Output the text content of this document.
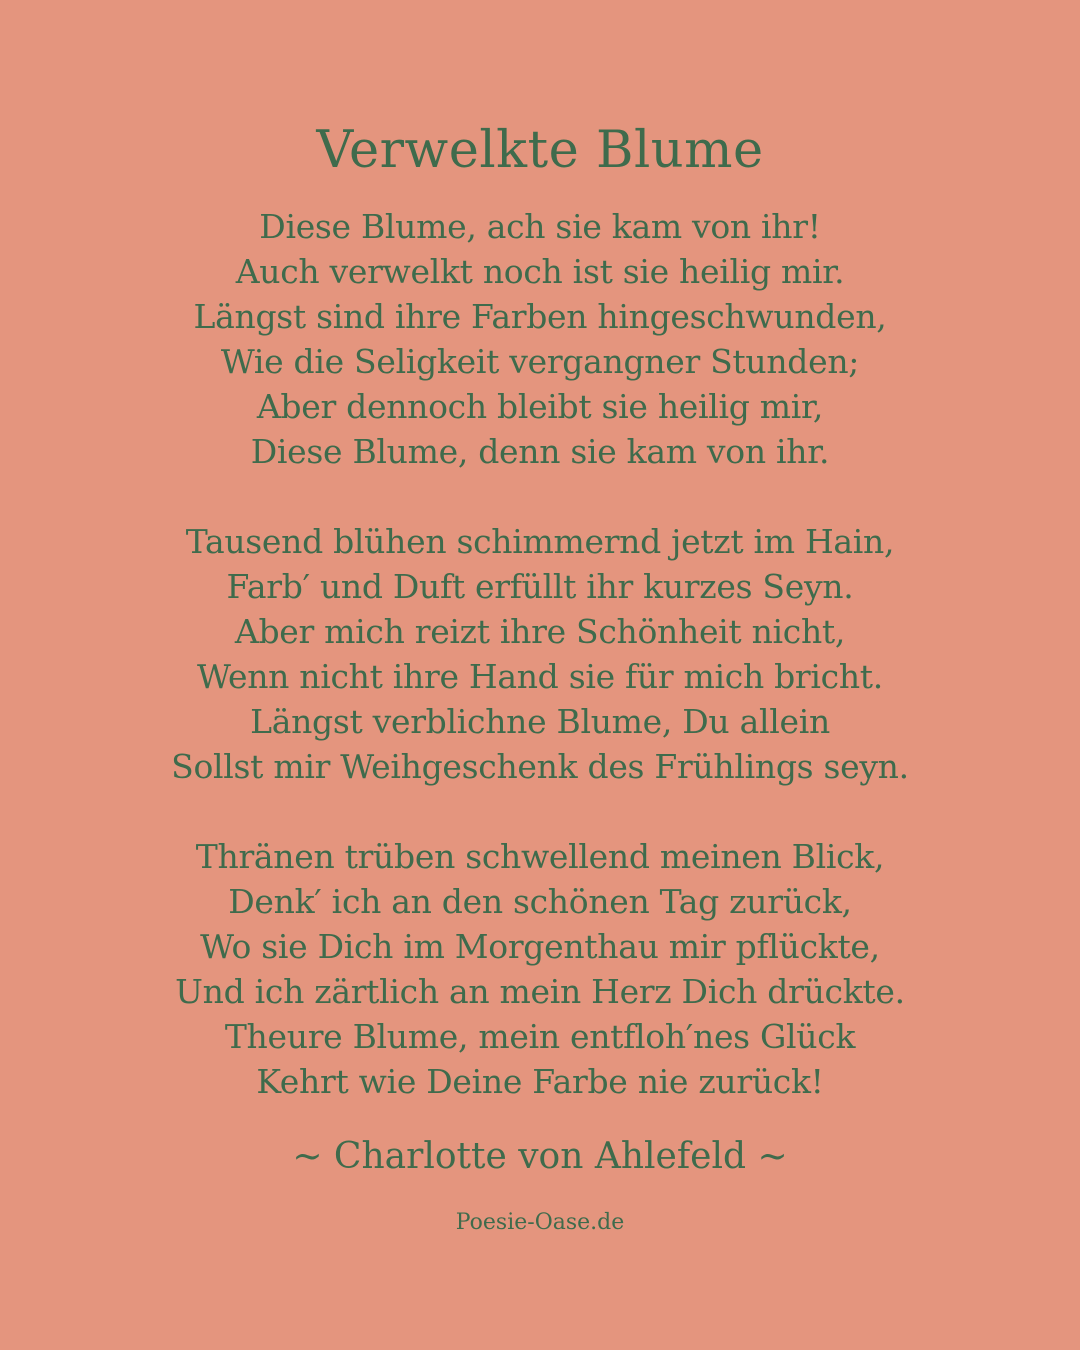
Verwelkte Blume
Diese Blume, ach sie kam von ihr!
Auch verwelkt noch ist sie heilig mir.
Längst sind ihre Farben hingeschwunden,
Wie die Seligkeit vergangner Stunden;
Aber dennoch bleibt sie heilig mir,
Diese Blume, denn sie kam von ihr.
Tausend blühen schimmernd jetzt im Hain,
Farb′ und Duft erfüllt ihr kurzes Seyn.
Aber mich reizt ihre Schönheit nicht,
Wenn nicht ihre Hand sie für mich bricht.
Längst verblichne Blume, Du allein
Sollst mir Weihgeschenk des Frühlings seyn.
Thränen trüben schwellend meinen Blick,
Denk′ ich an den schönen Tag zurück,
Wo sie Dich im Morgenthau mir pflückte,
Und ich zärtlich an mein Herz Dich drückte.
Theure Blume, mein entfloh′nes Glück
Kehrt wie Deine Farbe nie zurück!

~ Charlotte von Ahlefeld ~

Poesie-Oase.de
